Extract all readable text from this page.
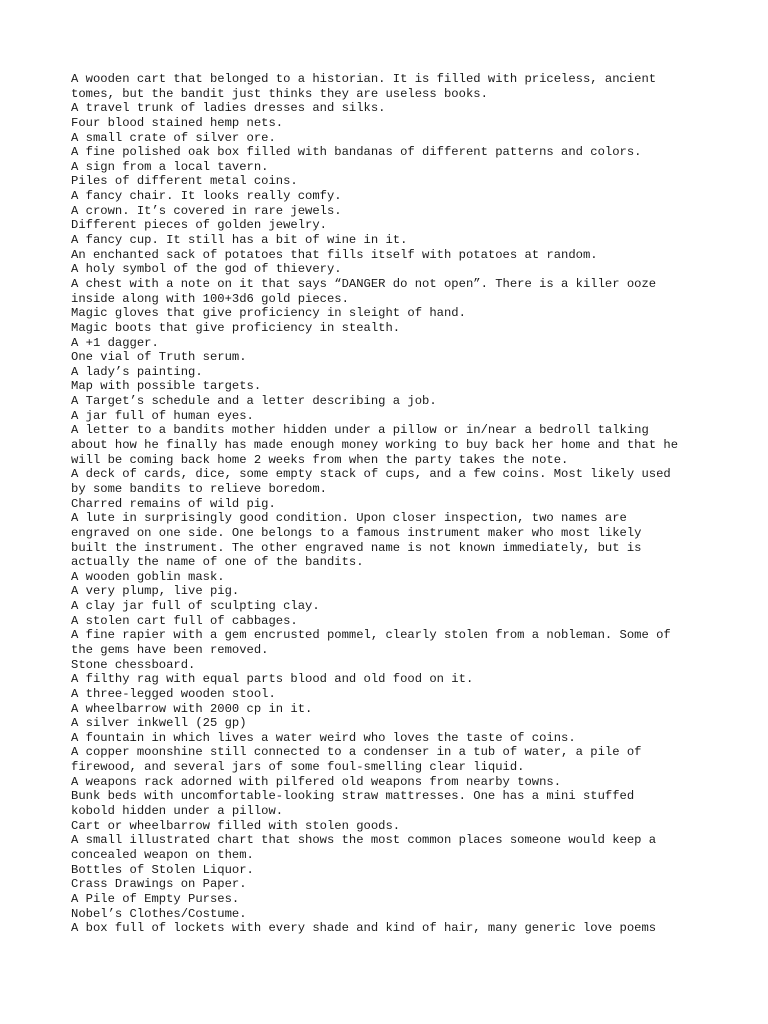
A wooden cart that belonged to a historian. It is filled with priceless, ancient
tomes, but the bandit just thinks they are useless books.
A travel trunk of ladies dresses and silks.
Four blood stained hemp nets.
A small crate of silver ore.
A fine polished oak box filled with bandanas of different patterns and colors.
A sign from a local tavern.
Piles of different metal coins.
A fancy chair. It looks really comfy.
A crown. It’s covered in rare jewels.
Different pieces of golden jewelry.
A fancy cup. It still has a bit of wine in it.
An enchanted sack of potatoes that fills itself with potatoes at random.
A holy symbol of the god of thievery.
A chest with a note on it that says “DANGER do not open”. There is a killer ooze
inside along with 100+3d6 gold pieces.
Magic gloves that give proficiency in sleight of hand.
Magic boots that give proficiency in stealth.
A +1 dagger.
One vial of Truth serum.
A lady’s painting.
Map with possible targets.
A Target’s schedule and a letter describing a job.
A jar full of human eyes.
A letter to a bandits mother hidden under a pillow or in/near a bedroll talking
about how he finally has made enough money working to buy back her home and that he
will be coming back home 2 weeks from when the party takes the note.
A deck of cards, dice, some empty stack of cups, and a few coins. Most likely used
by some bandits to relieve boredom.
Charred remains of wild pig.
A lute in surprisingly good condition. Upon closer inspection, two names are
engraved on one side. One belongs to a famous instrument maker who most likely
built the instrument. The other engraved name is not known immediately, but is
actually the name of one of the bandits.
A wooden goblin mask.
A very plump, live pig.
A clay jar full of sculpting clay.
A stolen cart full of cabbages.
A fine rapier with a gem encrusted pommel, clearly stolen from a nobleman. Some of
the gems have been removed.
Stone chessboard.
A filthy rag with equal parts blood and old food on it.
A three-legged wooden stool.
A wheelbarrow with 2000 cp in it.
A silver inkwell (25 gp)
A fountain in which lives a water weird who loves the taste of coins.
A copper moonshine still connected to a condenser in a tub of water, a pile of
firewood, and several jars of some foul-smelling clear liquid.
A weapons rack adorned with pilfered old weapons from nearby towns.
Bunk beds with uncomfortable-looking straw mattresses. One has a mini stuffed
kobold hidden under a pillow.
Cart or wheelbarrow filled with stolen goods.
A small illustrated chart that shows the most common places someone would keep a
concealed weapon on them.
Bottles of Stolen Liquor.
Crass Drawings on Paper.
A Pile of Empty Purses.
Nobel’s Clothes/Costume.
A box full of lockets with every shade and kind of hair, many generic love poems
